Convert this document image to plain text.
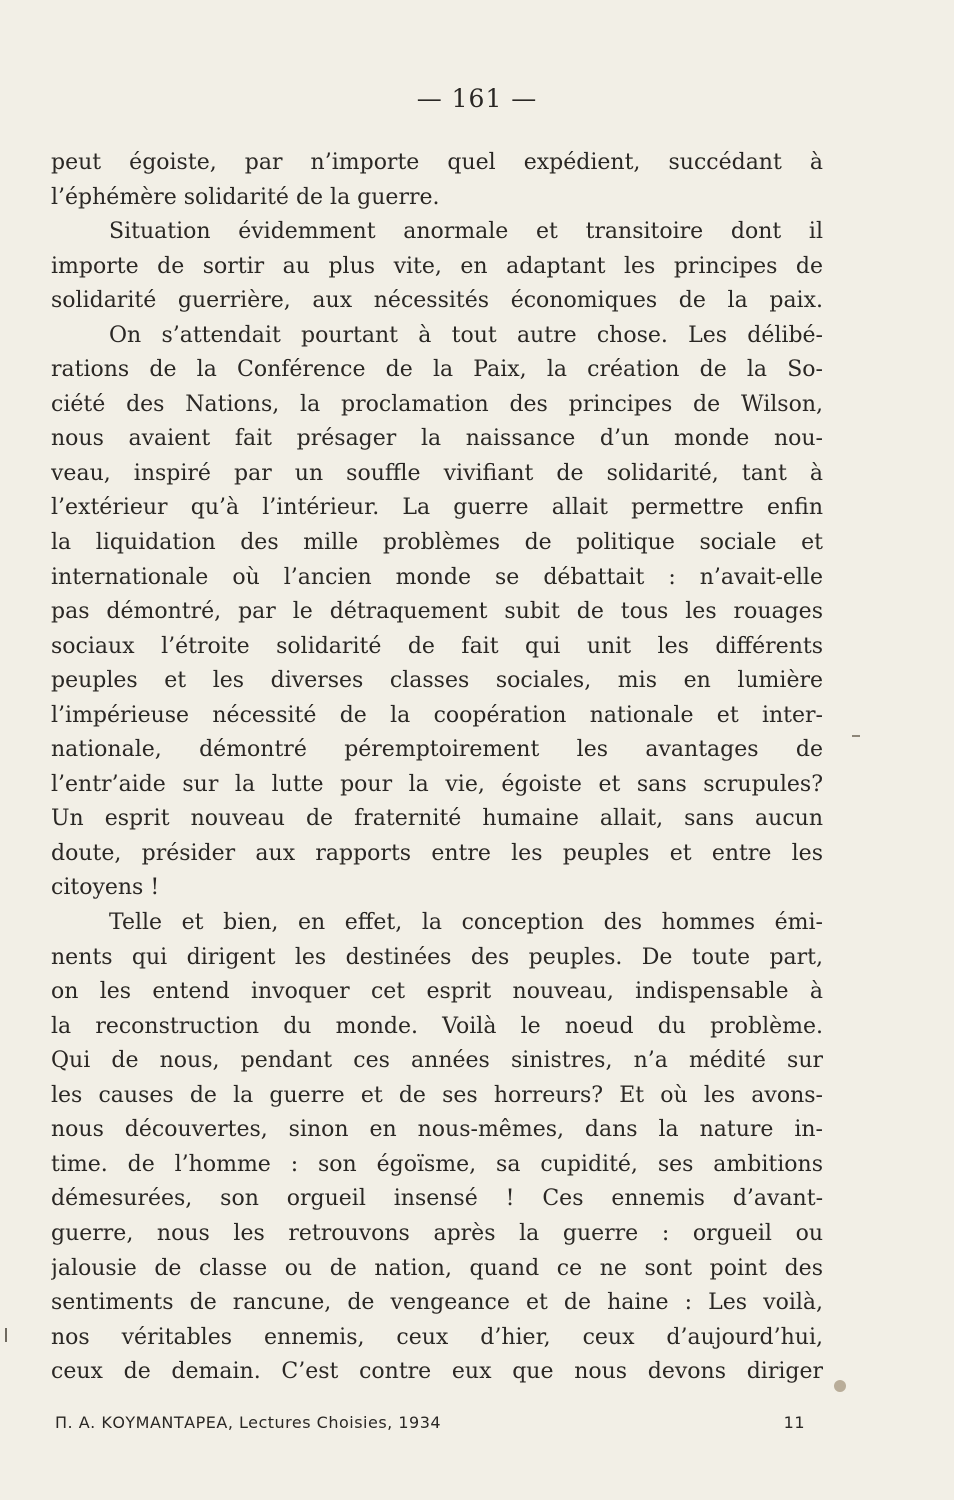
— 161 —
peut égoiste, par n’importe quel expédient, succédant à
l’éphémère solidarité de la guerre.
Situation évidemment anormale et transitoire dont il
importe de sortir au plus vite, en adaptant les principes de
solidarité guerrière, aux nécessités économiques de la paix.
On s’attendait pourtant à tout autre chose. Les délibé-
rations de la Conférence de la Paix, la création de la So-
ciété des Nations, la proclamation des principes de Wilson,
nous avaient fait présager la naissance d’un monde nou-
veau, inspiré par un souffle vivifiant de solidarité, tant à
l’extérieur qu’à l’intérieur. La guerre allait permettre enfin
la liquidation des mille problèmes de politique sociale et
internationale où l’ancien monde se débattait : n’avait-elle
pas démontré, par le détraquement subit de tous les rouages
sociaux l’étroite solidarité de fait qui unit les différents
peuples et les diverses classes sociales, mis en lumière
l’impérieuse nécessité de la coopération nationale et inter-
nationale, démontré péremptoirement les avantages de
l’entr’aide sur la lutte pour la vie, égoiste et sans scrupules?
Un esprit nouveau de fraternité humaine allait, sans aucun
doute, présider aux rapports entre les peuples et entre les
citoyens !
Telle et bien, en effet, la conception des hommes émi-
nents qui dirigent les destinées des peuples. De toute part,
on les entend invoquer cet esprit nouveau, indispensable à
la reconstruction du monde. Voilà le noeud du problème.
Qui de nous, pendant ces années sinistres, n’a médité sur
les causes de la guerre et de ses horreurs? Et où les avons-
nous découvertes, sinon en nous-mêmes, dans la nature in-
time. de l’homme : son égoïsme, sa cupidité, ses ambitions
démesurées, son orgueil insensé ! Ces ennemis d’avant-
guerre, nous les retrouvons après la guerre : orgueil ou
jalousie de classe ou de nation, quand ce ne sont point des
sentiments de rancune, de vengeance et de haine : Les voilà,
nos véritables ennemis, ceux d’hier, ceux d’aujourd’hui,
ceux de demain. C’est contre eux que nous devons diriger
Π. Α. ΚΟΥΜΑΝΤΑΡΕΑ, Lectures Choisies, 1934	11
